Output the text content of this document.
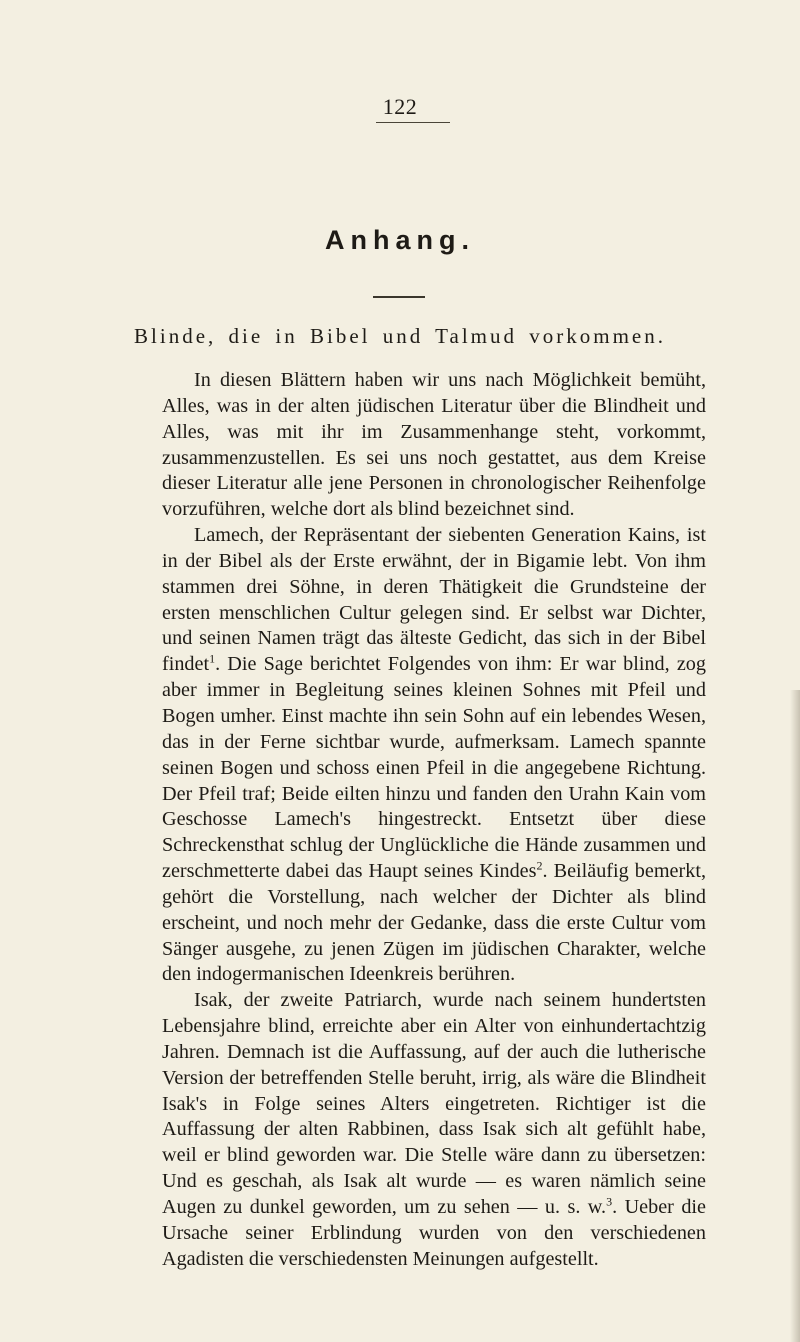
122
Anhang.
Blinde, die in Bibel und Talmud vorkommen.

In diesen Blättern haben wir uns nach Möglichkeit bemüht, Alles, was in der alten jüdischen Literatur über die Blindheit und Alles, was mit ihr im Zusammenhange steht, vorkommt, zusammenzustellen. Es sei uns noch gestattet, aus dem Kreise dieser Literatur alle jene Personen in chronologischer Reihenfolge vorzuführen, welche dort als blind bezeichnet sind.

Lamech, der Repräsentant der siebenten Generation Kains, ist in der Bibel als der Erste erwähnt, der in Bigamie lebt. Von ihm stammen drei Söhne, in deren Thätigkeit die Grundsteine der ersten menschlichen Cultur gelegen sind. Er selbst war Dichter, und seinen Namen trägt das älteste Gedicht, das sich in der Bibel findet$^1$. Die Sage berichtet Folgendes von ihm: Er war blind, zog aber immer in Begleitung seines kleinen Sohnes mit Pfeil und Bogen umher. Einst machte ihn sein Sohn auf ein lebendes Wesen, das in der Ferne sichtbar wurde, aufmerksam. Lamech spannte seinen Bogen und schoss einen Pfeil in die angegebene Richtung. Der Pfeil traf; Beide eilten hinzu und fanden den Urahn Kain vom Geschosse Lamech's hingestreckt. Entsetzt über diese Schreckensthat schlug der Unglückliche die Hände zusammen und zerschmetterte dabei das Haupt seines Kindes$^2$. Beiläufig bemerkt, gehört die Vorstellung, nach welcher der Dichter als blind erscheint, und noch mehr der Gedanke, dass die erste Cultur vom Sänger ausgehe, zu jenen Zügen im jüdischen Charakter, welche den indogermanischen Ideenkreis berühren.

Isak, der zweite Patriarch, wurde nach seinem hundertsten Lebensjahre blind, erreichte aber ein Alter von einhundertachtzig Jahren. Demnach ist die Auffassung, auf der auch die lutherische Version der betreffenden Stelle beruht, irrig, als wäre die Blindheit Isak's in Folge seines Alters eingetreten. Richtiger ist die Auffassung der alten Rabbinen, dass Isak sich alt gefühlt habe, weil er blind geworden war. Die Stelle wäre dann zu übersetzen: Und es geschah, als Isak alt wurde — es waren nämlich seine Augen zu dunkel geworden, um zu sehen — u. s. w.$^3$. Ueber die Ursache seiner Erblindung wurden von den verschiedenen Agadisten die verschiedensten Meinungen aufgestellt.
